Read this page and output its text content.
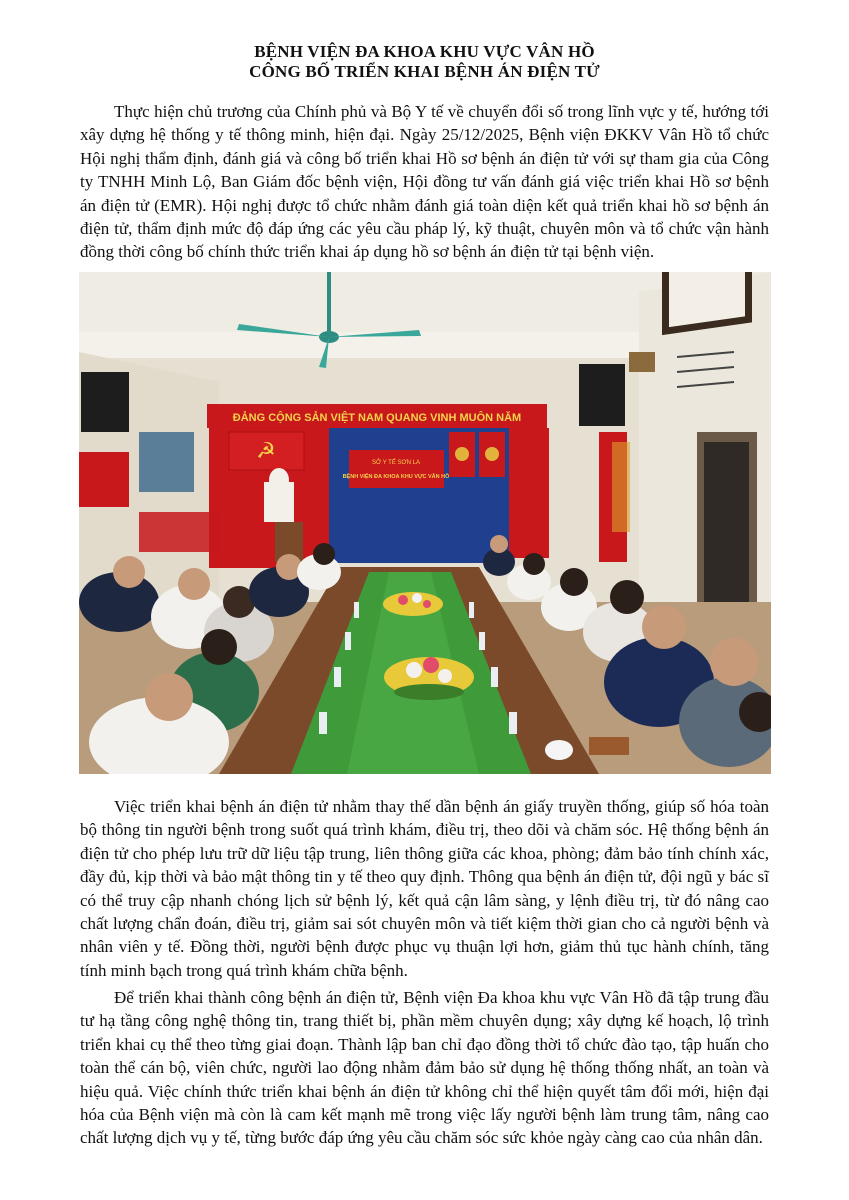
BỆNH VIỆN ĐA KHOA KHU VỰC VÂN HỒ
CÔNG BỐ TRIỂN KHAI BỆNH ÁN ĐIỆN TỬ

Thực hiện chủ trương của Chính phủ và Bộ Y tế về chuyển đổi số trong lĩnh vực y tế, hướng tới xây dựng hệ thống y tế thông minh, hiện đại. Ngày 25/12/2025, Bệnh viện ĐKKV Vân Hồ tổ chức Hội nghị thẩm định, đánh giá và công bố triển khai Hồ sơ bệnh án điện tử với sự tham gia của Công ty TNHH Minh Lộ, Ban Giám đốc bệnh viện, Hội đồng tư vấn đánh giá việc triển khai Hồ sơ bệnh án điện tử (EMR). Hội nghị được tổ chức nhằm đánh giá toàn diện kết quả triển khai hồ sơ bệnh án điện tử, thẩm định mức độ đáp ứng các yêu cầu pháp lý, kỹ thuật, chuyên môn và tổ chức vận hành đồng thời công bố chính thức triển khai áp dụng hồ sơ bệnh án điện tử tại bệnh viện.

ĐẢNG CỘNG SẢN VIỆT NAM QUANG VINH MUÔN NĂM
☭	SỞ Y TẾ SƠN LA
BỆNH VIỆN ĐA KHOA KHU VỰC VÂN HỒ

Việc triển khai bệnh án điện tử nhằm thay thế dần bệnh án giấy truyền thống, giúp số hóa toàn bộ thông tin người bệnh trong suốt quá trình khám, điều trị, theo dõi và chăm sóc. Hệ thống bệnh án điện tử cho phép lưu trữ dữ liệu tập trung, liên thông giữa các khoa, phòng; đảm bảo tính chính xác, đầy đủ, kịp thời và bảo mật thông tin y tế theo quy định. Thông qua bệnh án điện tử, đội ngũ y bác sĩ có thể truy cập nhanh chóng lịch sử bệnh lý, kết quả cận lâm sàng, y lệnh điều trị, từ đó nâng cao chất lượng chẩn đoán, điều trị, giảm sai sót chuyên môn và tiết kiệm thời gian cho cả người bệnh và nhân viên y tế. Đồng thời, người bệnh được phục vụ thuận lợi hơn, giảm thủ tục hành chính, tăng tính minh bạch trong quá trình khám chữa bệnh.

Để triển khai thành công bệnh án điện tử, Bệnh viện Đa khoa khu vực Vân Hồ đã tập trung đầu tư hạ tầng công nghệ thông tin, trang thiết bị, phần mềm chuyên dụng; xây dựng kế hoạch, lộ trình triển khai cụ thể theo từng giai đoạn. Thành lập ban chỉ đạo đồng thời tổ chức đào tạo, tập huấn cho toàn thể cán bộ, viên chức, người lao động nhằm đảm bảo sử dụng hệ thống thống nhất, an toàn và hiệu quả. Việc chính thức triển khai bệnh án điện tử không chỉ thể hiện quyết tâm đổi mới, hiện đại hóa của Bệnh viện mà còn là cam kết mạnh mẽ trong việc lấy người bệnh làm trung tâm, nâng cao chất lượng dịch vụ y tế, từng bước đáp ứng yêu cầu chăm sóc sức khỏe ngày càng cao của nhân dân.
